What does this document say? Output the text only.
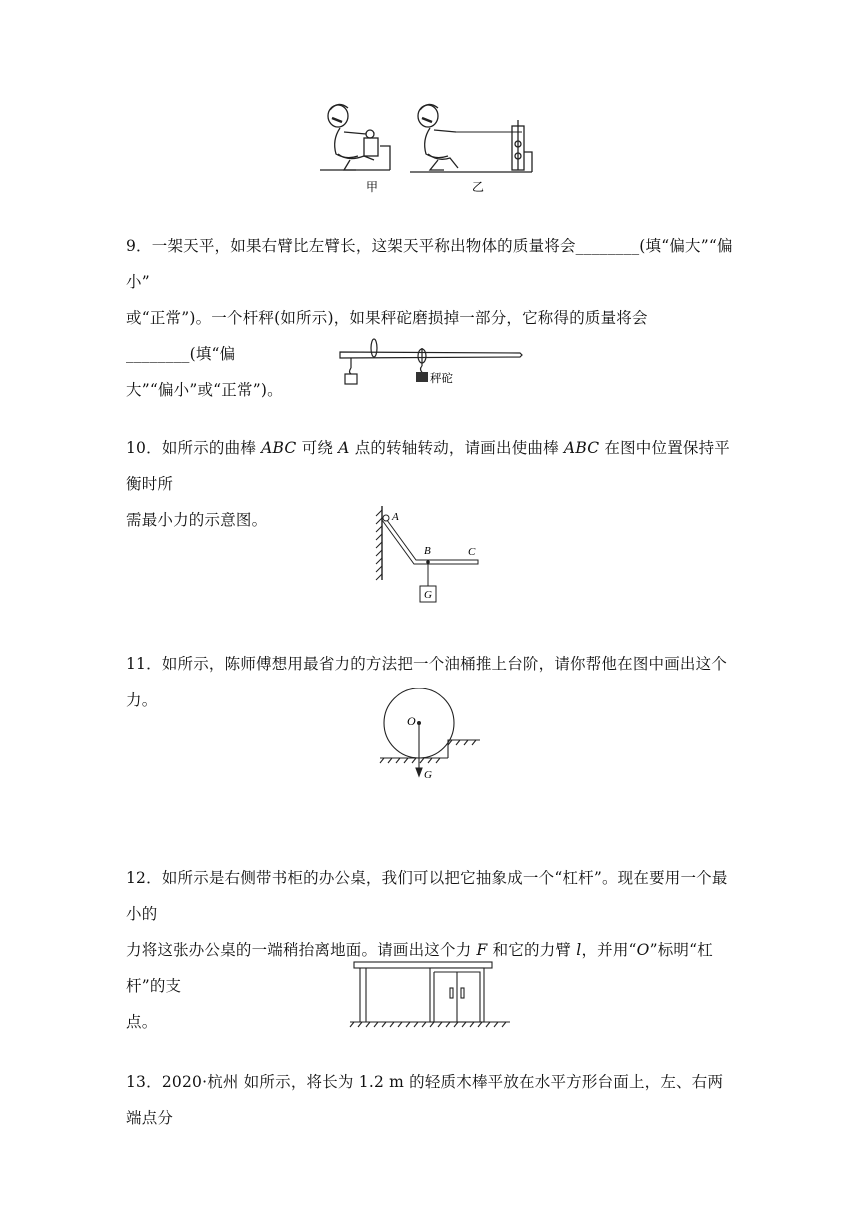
甲	乙
9．一架天平，如果右臂比左臂长，这架天平称出物体的质量将会________(填“偏大”“偏小”
或“正常”)。一个杆秤(如所示)，如果秤砣磨损掉一部分，它称得的质量将会________(填“偏
大”“偏小”或“正常”)。
秤砣
10．如所示的曲棒 ABC 可绕 A 点的转轴转动，请画出使曲棒 ABC 在图中位置保持平衡时所
需最小力的示意图。	A
B	C
G
11．如所示，陈师傅想用最省力的方法把一个油桶推上台阶，请你帮他在图中画出这个力。
O
G
12．如所示是右侧带书柜的办公桌，我们可以把它抽象成一个“杠杆”。现在要用一个最小的
力将这张办公桌的一端稍抬离地面。请画出这个力 F 和它的力臂 l，并用“O”标明“杠杆”的支
点。
13．2020·杭州 如所示，将长为 1.2 m 的轻质木棒平放在水平方形台面上，左、右两端点分
